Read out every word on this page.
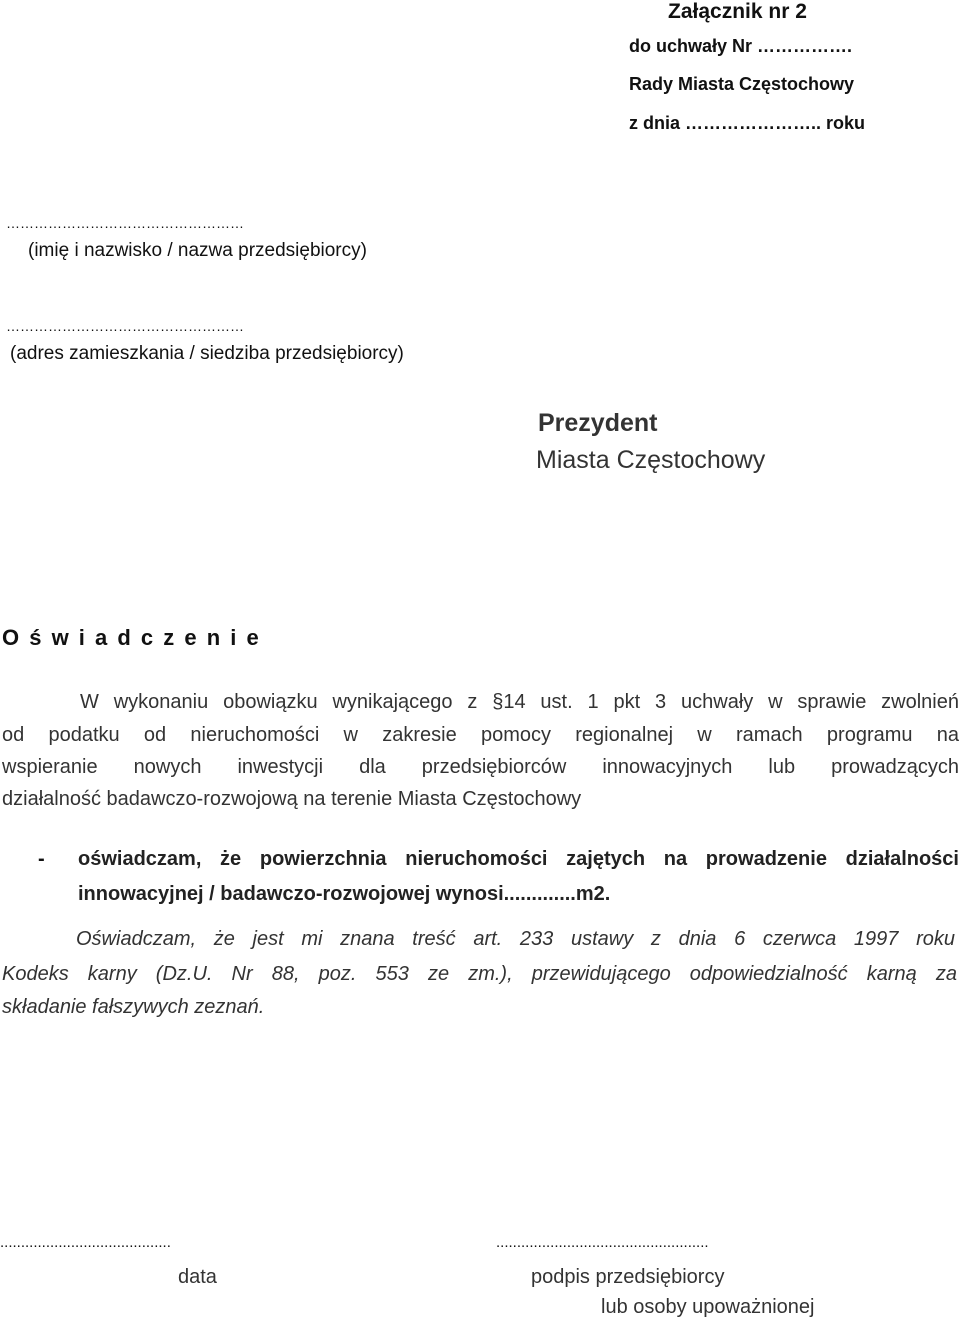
Załącznik nr 2
do uchwały Nr …………….
Rady Miasta Częstochowy
z dnia ………………….. roku
……………………………………………
(imię i nazwisko / nazwa przedsiębiorcy)
……………………………………………
(adres zamieszkania / siedziba przedsiębiorcy)
Prezydent
Miasta Częstochowy
O ś w i a d c z e n i e
W wykonaniu obowiązku wynikającego z §14 ust. 1 pkt 3 uchwały w sprawie zwolnień
od podatku od nieruchomości w zakresie pomocy regionalnej w ramach programu na
wspieranie nowych inwestycji dla przedsiębiorców innowacyjnych lub prowadzących
działalność badawczo-rozwojową na terenie Miasta Częstochowy
- oświadczam, że powierzchnia nieruchomości zajętych na prowadzenie działalności
innowacyjnej / badawczo-rozwojowej wynosi.............m2.
Oświadczam, że jest mi znana treść art. 233 ustawy z dnia 6 czerwca 1997 roku
Kodeks karny (Dz.U. Nr 88, poz. 553 ze zm.), przewidującego odpowiedzialność karną za
składanie fałszywych zeznań.
.........................................	...................................................
data	podpis przedsiębiorcy
lub osoby upoważnionej
